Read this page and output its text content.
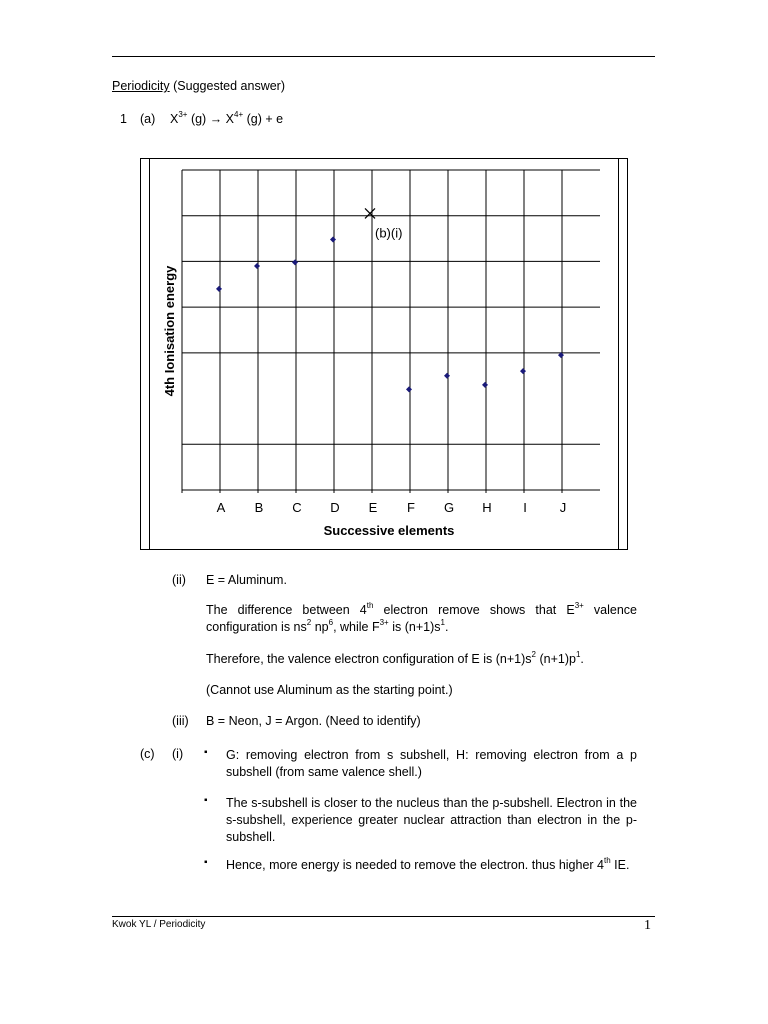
Periodicity (Suggested answer)
1 (a) $X^{3+}$ $(g) \to X^{4+}$ (g) + e
A B C D E F G H I	J
Successive elements
4th Ionisation energy
(b)(i)
(ii) E = Aluminum.
The difference between 4th electron remove shows that $E^{3+}$ valence configuration is $ns^2$ $np^6$, while $F^{3+}$ is $(n+1)s^1$.
Therefore, the valence electron configuration of E is $(n+1)s^2$ $(n+1)p^1$.
(Cannot use Aluminum as the starting point.)
(iii) B = Neon, J = Argon. (Need to identify)
(c) (i) ▪ G: removing electron from s subshell, H: removing electron from a p subshell (from same valence shell.)
▪ The s-subshell is closer to the nucleus than the p-subshell. Electron in the s-subshell, experience greater nuclear attraction than electron in the p-subshell.
▪ Hence, more energy is needed to remove the electron. thus higher 4th IE.
Kwok YL / Periodicity	1
